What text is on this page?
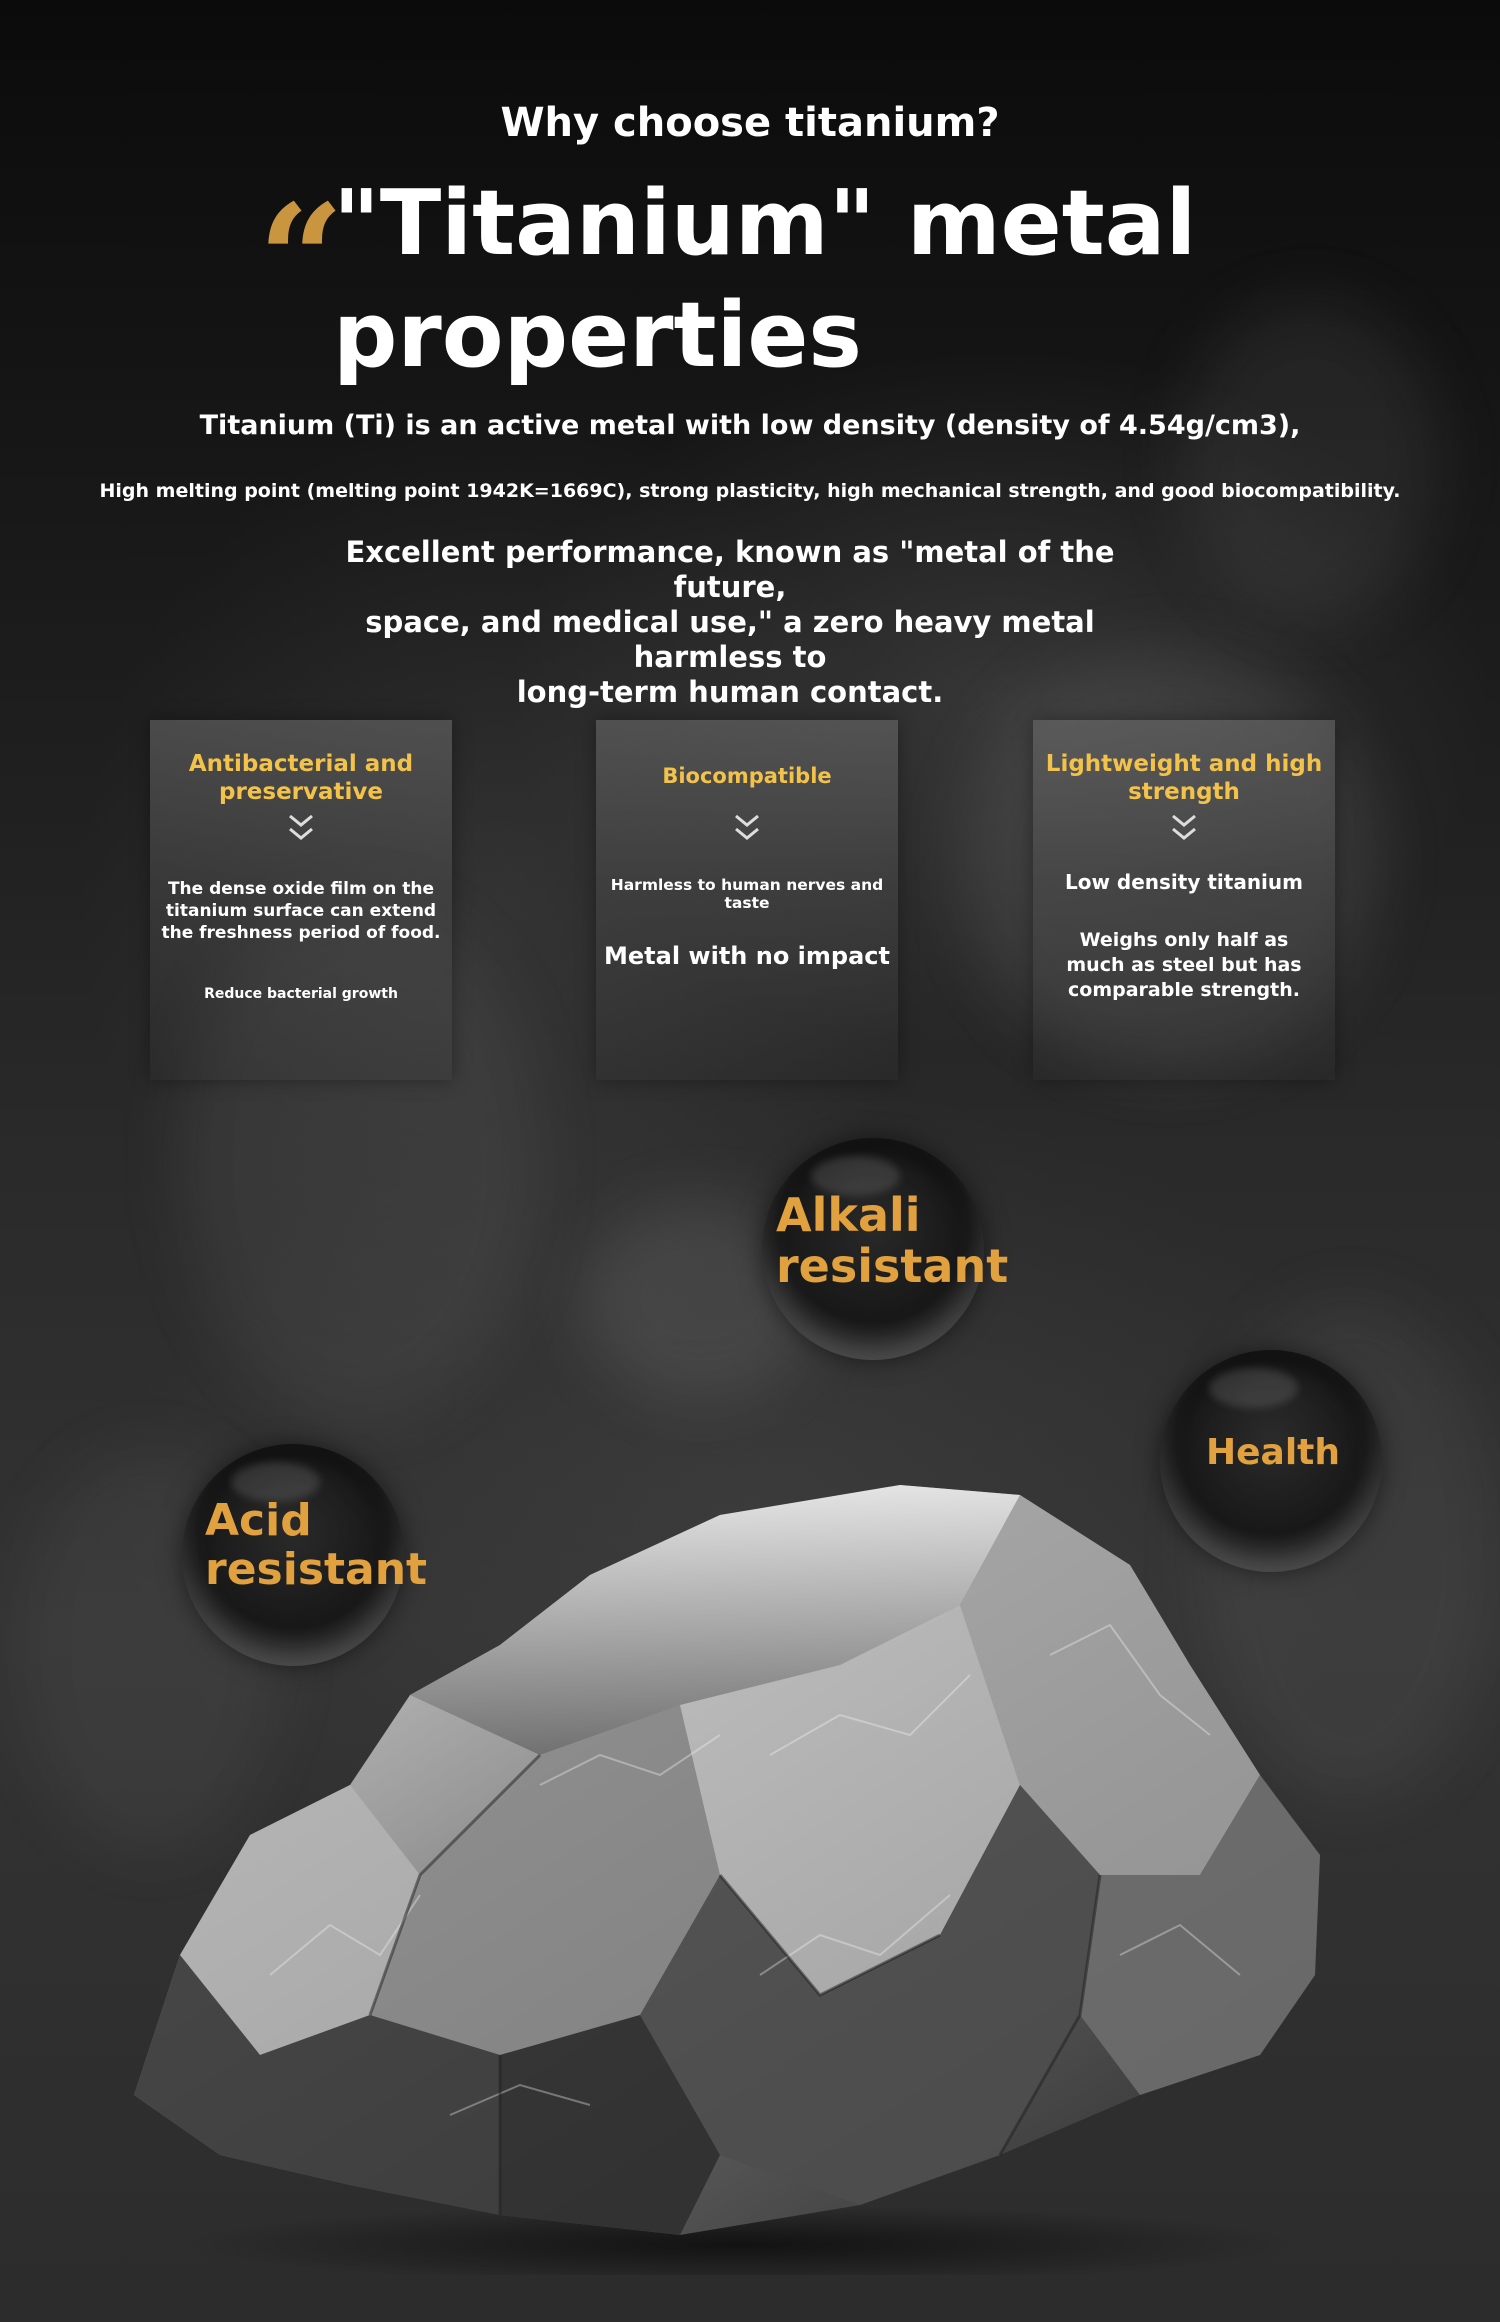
Why choose titanium?
“
"Titanium" metal
properties
Titanium (Ti) is an active metal with low density (density of 4.54g/cm3),
High melting point (melting point 1942K=1669C), strong plasticity, high mechanical strength, and good biocompatibility.
Excellent performance, known as "metal of the future,
space, and medical use," a zero heavy metal harmless to
long-term human contact.
Antibacterial and
preservative
The dense oxide film on the
titanium surface can extend
the freshness period of food.
Reduce bacterial growth
Biocompatible
Harmless to human nerves and taste
Metal with no impact
Lightweight and high
strength
Low density titanium
Weighs only half as
much as steel but has
comparable strength.
Alkali
resistant
Health
Acid
resistant
